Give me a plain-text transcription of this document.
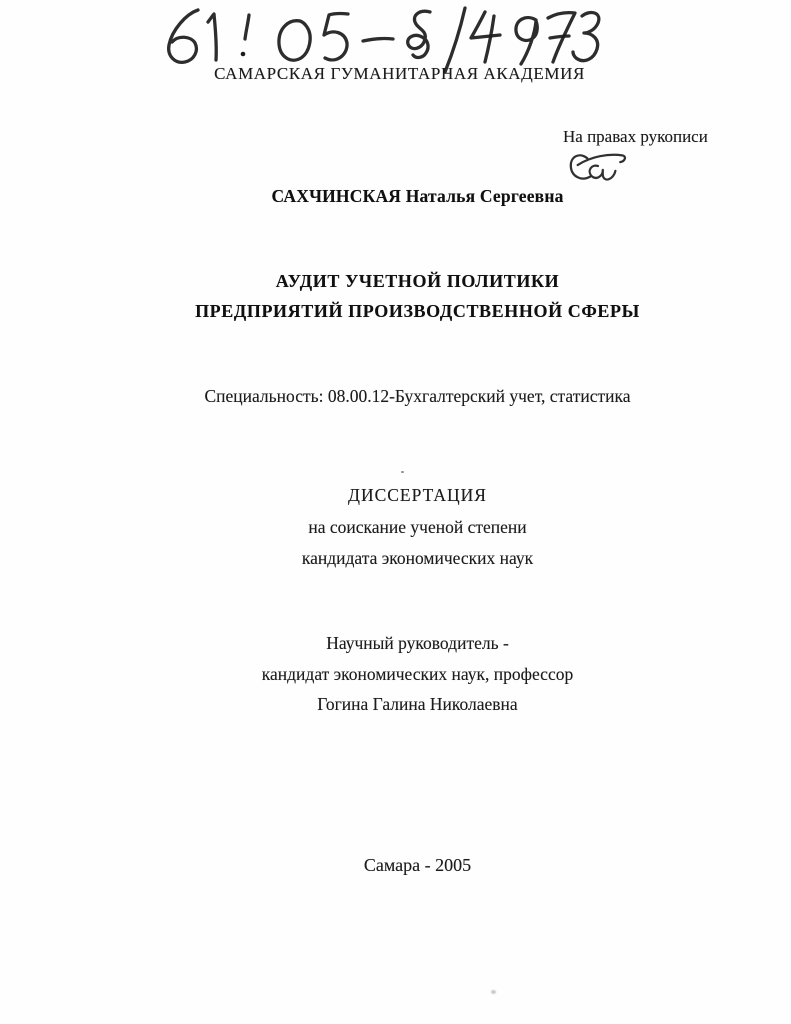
САМАРСКАЯ ГУМАНИТАРНАЯ АКАДЕМИЯ
На правах рукописи
САХЧИНСКАЯ Наталья Сергеевна
АУДИТ УЧЕТНОЙ ПОЛИТИКИ
ПРЕДПРИЯТИЙ ПРОИЗВОДСТВЕННОЙ СФЕРЫ
Специальность: 08.00.12-Бухгалтерский учет, статистика
ДИССЕРТАЦИЯ
на соискание ученой степени
кандидата экономических наук
Научный руководитель -
кандидат экономических наук, профессор
Гогина Галина Николаевна
Самара - 2005
